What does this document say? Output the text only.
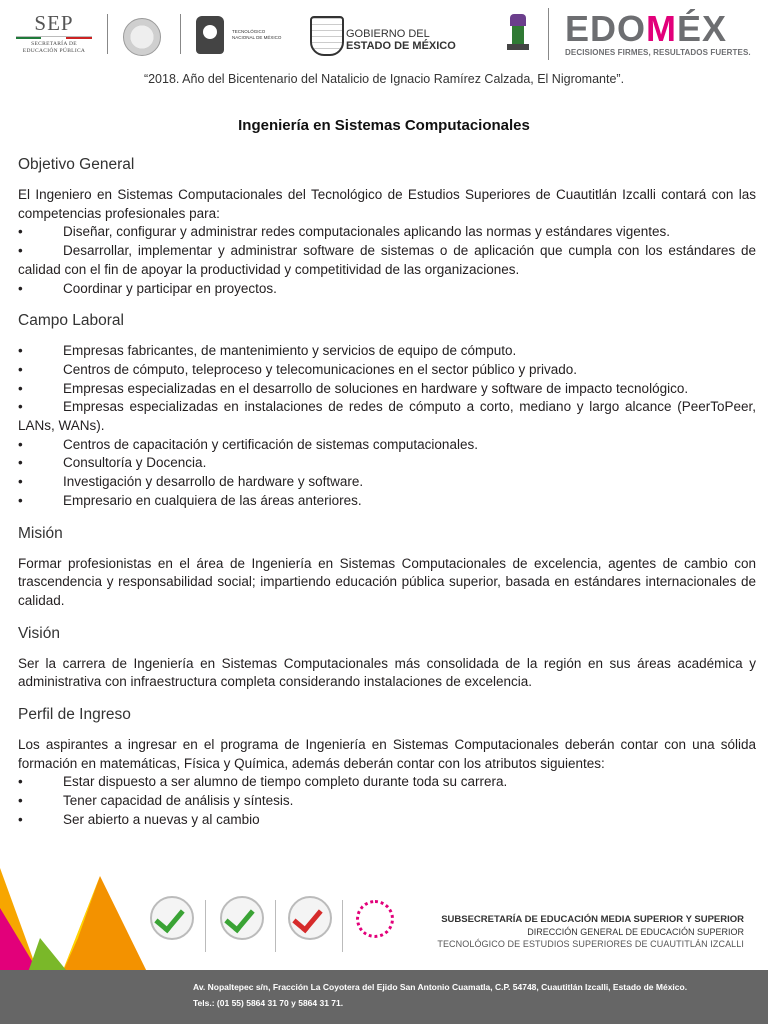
SEP
SECRETARÍA DE
EDUCACIÓN PÚBLICA
TECNOLÓGICO
NACIONAL DE MÉXICO	GOBIERNO DEL
ESTADO DE MÉXICO	EDOMÉX
DECISIONES FIRMES, RESULTADOS FUERTES.
“2018. Año del Bicentenario del Natalicio de Ignacio Ramírez Calzada, El Nigromante”.
Ingeniería en Sistemas Computacionales
Objetivo General

El Ingeniero en Sistemas Computacionales del Tecnológico de Estudios Superiores de Cuautitlán Izcalli contará con las competencias profesionales para:

•	Diseñar, configurar y administrar redes computacionales aplicando las normas y estándares vigentes.
•	Desarrollar, implementar y administrar software de sistemas o de aplicación que cumpla con los estándares de calidad con el fin de apoyar la productividad y competitividad de las organizaciones.
•	Coordinar y participar en proyectos.
Campo Laboral
•	Empresas fabricantes, de mantenimiento y servicios de equipo de cómputo.
•	Centros de cómputo, teleproceso y telecomunicaciones en el sector público y privado.
•	Empresas especializadas en el desarrollo de soluciones en hardware y software de impacto tecnológico.
•	Empresas especializadas en instalaciones de redes de cómputo a corto, mediano y largo alcance (PeerToPeer, LANs, WANs).
•	Centros de capacitación y certificación de sistemas computacionales.
•	Consultoría y Docencia.
•	Investigación y desarrollo de hardware y software.
•	Empresario en cualquiera de las áreas anteriores.
Misión

Formar profesionistas en el área de Ingeniería en Sistemas Computacionales de excelencia, agentes de cambio con trascendencia y responsabilidad social; impartiendo educación pública superior, basada en estándares internacionales de calidad.

Visión

Ser la carrera de Ingeniería en Sistemas Computacionales más consolidada de la región en sus áreas académica y administrativa con infraestructura completa considerando instalaciones de excelencia.

Perfil de Ingreso

Los aspirantes a ingresar en el programa de Ingeniería en Sistemas Computacionales deberán contar con una sólida formación en matemáticas, Física y Química, además deberán contar con los atributos siguientes:

•	Estar dispuesto a ser alumno de tiempo completo durante toda su carrera.
•	Tener capacidad de análisis y síntesis.
•	Ser abierto a nuevas y al cambio
SUBSECRETARÍA DE EDUCACIÓN MEDIA SUPERIOR Y SUPERIOR
DIRECCIÓN GENERAL DE EDUCACIÓN SUPERIOR
TECNOLÓGICO DE ESTUDIOS SUPERIORES DE CUAUTITLÁN IZCALLI
Av. Nopaltepec s/n, Fracción La Coyotera del Ejido San Antonio Cuamatla, C.P. 54748, Cuautitlán Izcalli, Estado de México.
Tels.: (01 55) 5864 31 70 y 5864 31 71.
